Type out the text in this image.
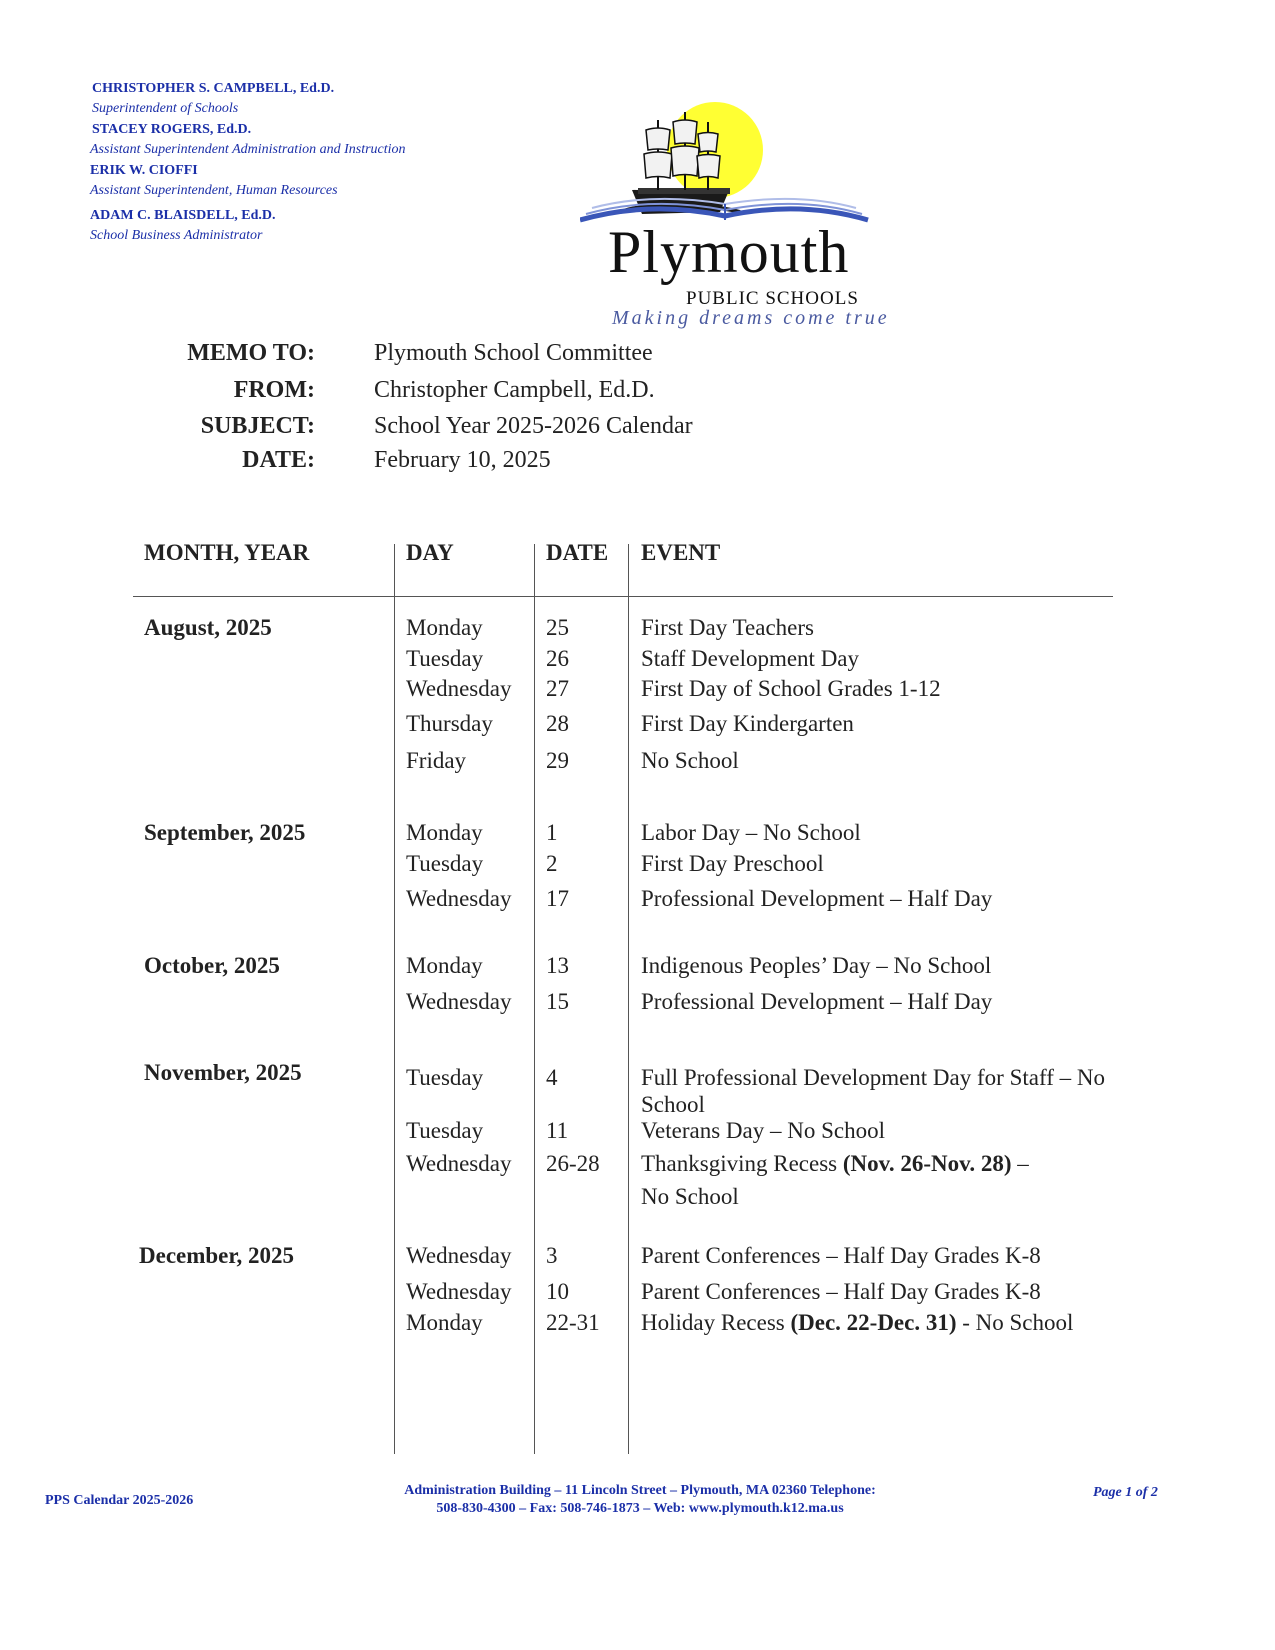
CHRISTOPHER S. CAMPBELL, Ed.D.
Superintendent of Schools
STACEY ROGERS, Ed.D.
Assistant Superintendent Administration and Instruction
ERIK W. CIOFFI
Assistant Superintendent, Human Resources
ADAM C. BLAISDELL, Ed.D.
School Business Administrator	Plymouth
PUBLIC SCHOOLS
Making dreams come true
MEMO TO: Plymouth School Committee
FROM: Christopher Campbell, Ed.D.
SUBJECT: School Year 2025-2026 Calendar
DATE: February 10, 2025
MONTH, YEAR	DAY	DATE EVENT
August, 2025	Monday	25	First Day Teachers
Tuesday	26	Staff Development Day
Wednesday 27	First Day of School Grades 1-12
Thursday 28	First Day Kindergarten
Friday	29	No School
September, 2025	Monday	1	Labor Day – No School
Tuesday	2	First Day Preschool
Wednesday 17	Professional Development – Half Day
October, 2025	Monday	13	Indigenous Peoples’ Day – No School
Wednesday 15	Professional Development – Half Day
November, 2025	Tuesday	4	Full Professional Development Day for Staff – No School
Tuesday	11	Veterans Day – No School
Wednesday 26-28 Thanksgiving Recess (Nov. 26-Nov. 28) –
No School
December, 2025	Wednesday 3	Parent Conferences – Half Day Grades K-8
Wednesday 10	Parent Conferences – Half Day Grades K-8
Monday	22-31 Holiday Recess (Dec. 22-Dec. 31) - No School
PPS Calendar 2025-2026
Administration Building – 11 Lincoln Street – Plymouth, MA 02360 Telephone:
508-830-4300 – Fax: 508-746-1873 – Web: www.plymouth.k12.ma.us
Page 1 of 2
